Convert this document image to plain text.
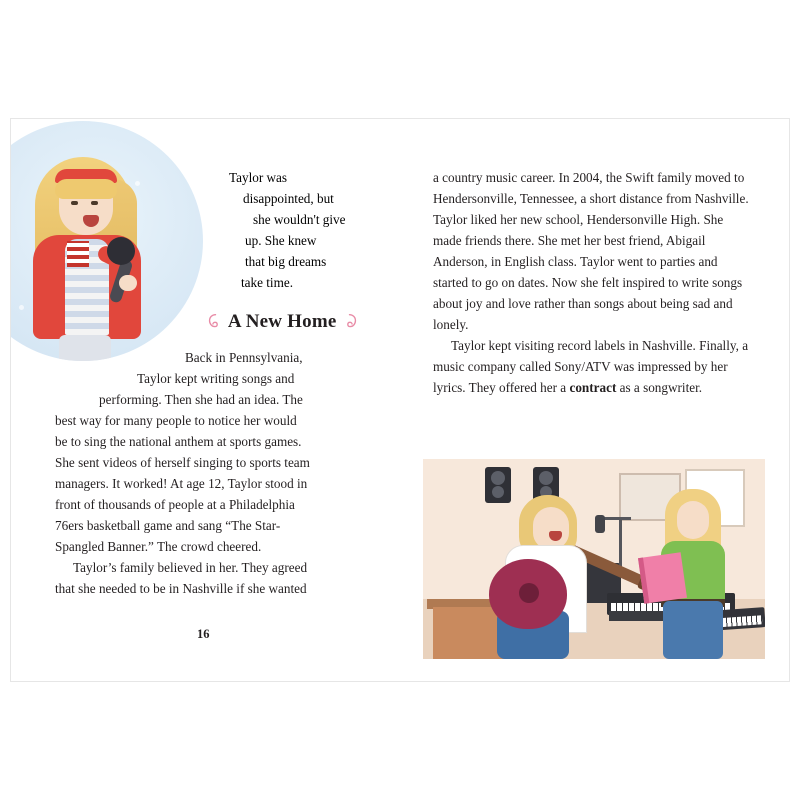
Taylor was

disappointed, but

she wouldn't give

up. She knew

that big dreams

take time.

A New Home
Back in Pennsylvania,
Taylor kept writing songs and
performing. Then she had an idea. The
best way for many people to notice her would
be to sing the national anthem at sports games.
She sent videos of herself singing to sports team
managers. It worked! At age 12, Taylor stood in
front of thousands of people at a Philadelphia
76ers basketball game and sang “The Star-
Spangled Banner.” The crowd cheered.
Taylor’s family believed in her. They agreed
that she needed to be in Nashville if she wanted
16

a country music career. In 2004, the Swift family moved to Hendersonville, Tennessee, a short distance from Nashville. Taylor liked her new school, Hendersonville High. She made friends there. She met her best friend, Abigail Anderson, in English class. Taylor went to parties and started to go on dates. Now she felt inspired to write songs about joy and love rather than songs about being sad and lonely.

Taylor kept visiting record labels in Nashville. Finally, a music company called Sony/ATV was impressed by her lyrics. They offered her a contract as a songwriter.
